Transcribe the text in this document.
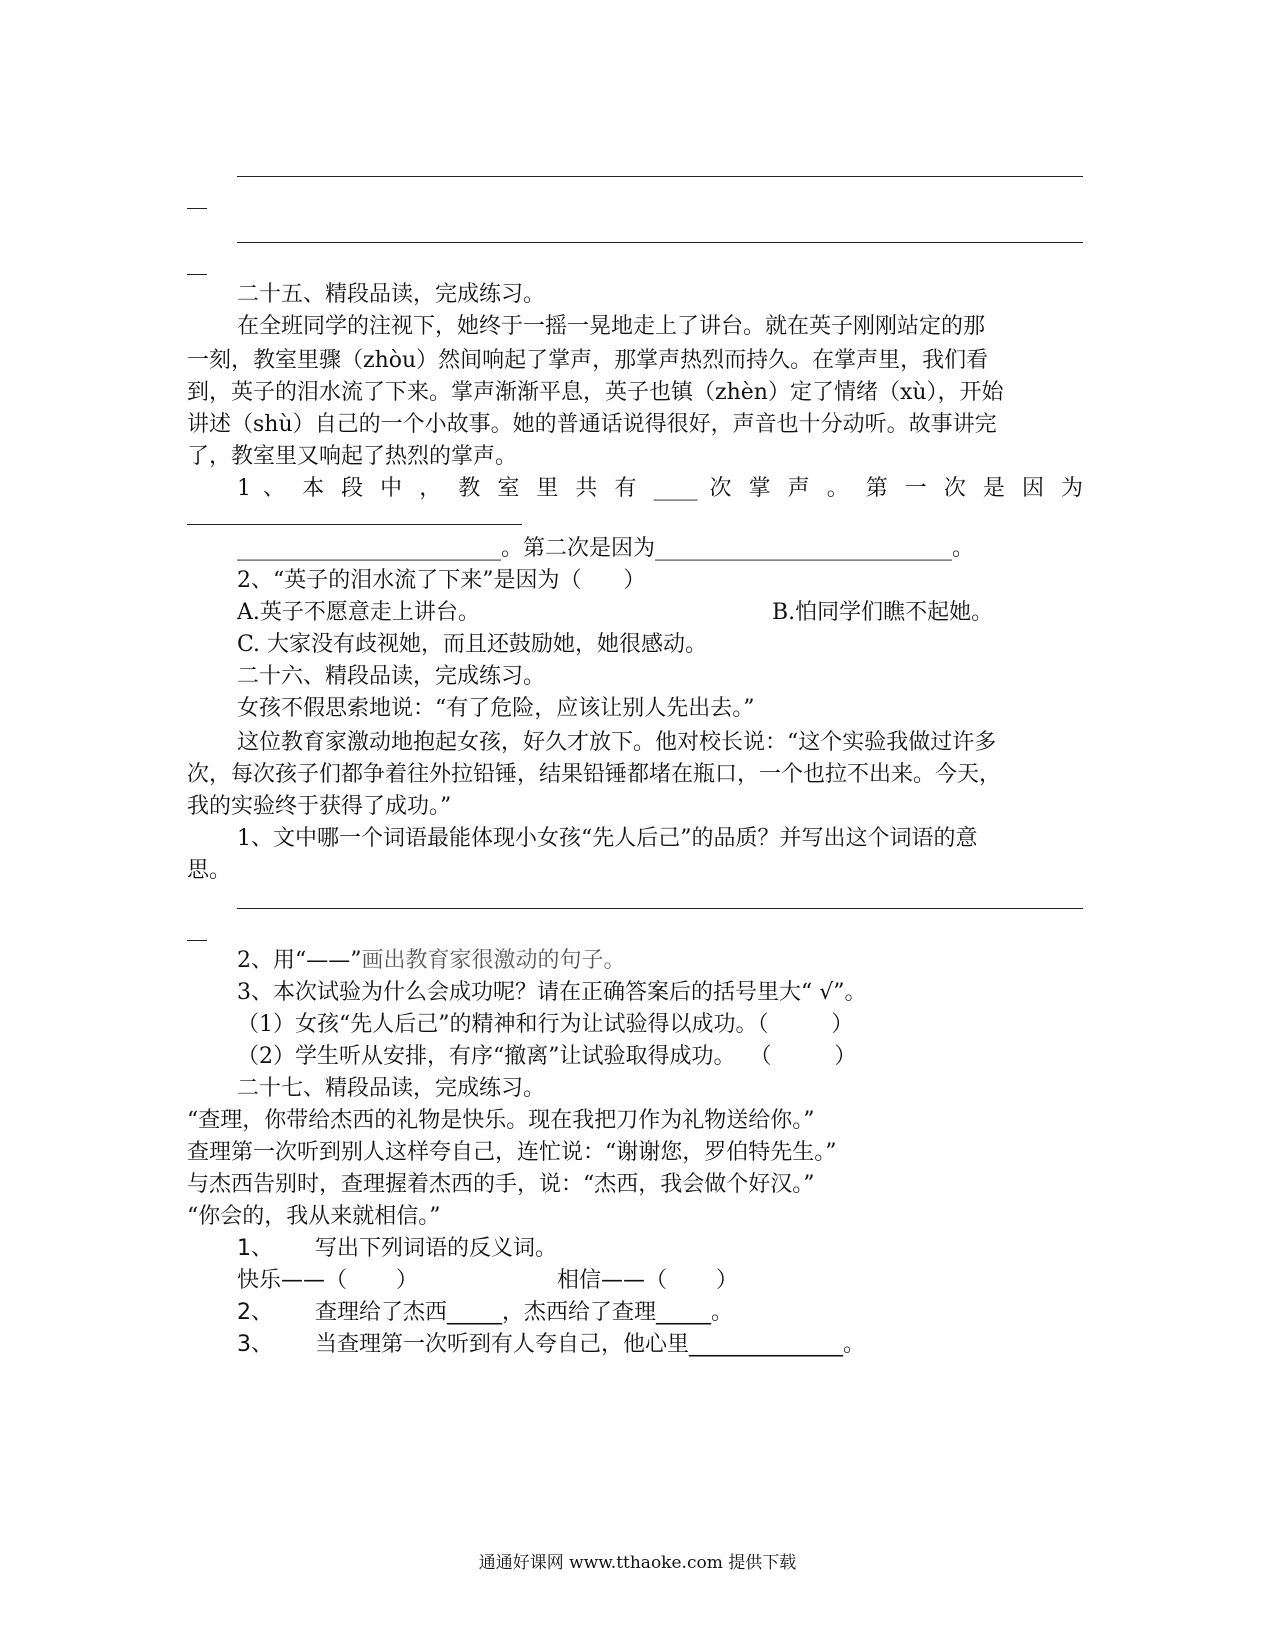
二十五、精段品读，完成练习。
在全班同学的注视下，她终于一摇一晃地走上了讲台。就在英子刚刚站定的那
一刻，教室里骤（zhòu）然间响起了掌声，那掌声热烈而持久。在掌声里，我们看
到，英子的泪水流了下来。掌声渐渐平息，英子也镇（zhèn）定了情绪（xù），开始
讲述（shù）自己的一个小故事。她的普通话说得很好，声音也十分动听。故事讲完
了，教室里又响起了热烈的掌声。
1 、 本 段 中 ， 教 室 里 共 有 ____ 次 掌 声 。 第 一 次 是 因 为
________________________。第二次是因为___________________________。
2、“英子的泪水流了下来”是因为（      ）
A.英子不愿意走上讲台。	B.怕同学们瞧不起她。
C. 大家没有歧视她，而且还鼓励她，她很感动。
二十六、精段品读，完成练习。
女孩不假思索地说：“有了危险，应该让别人先出去。”
这位教育家激动地抱起女孩，好久才放下。他对校长说：“这个实验我做过许多
次，每次孩子们都争着往外拉铅锤，结果铅锤都堵在瓶口，一个也拉不出来。今天，
我的实验终于获得了成功。”
1、文中哪一个词语最能体现小女孩“先人后己”的品质？并写出这个词语的意
思。
2、用“——”画出教育家很激动的句子。
3、本次试验为什么会成功呢？请在正确答案后的括号里大“ √”。
（1）女孩“先人后己”的精神和行为让试验得以成功。（         ）
（2）学生听从安排，有序“撤离”让试验取得成功。  （         ）
二十七、精段品读，完成练习。
“查理，你带给杰西的礼物是快乐。现在我把刀作为礼物送给你。”
查理第一次听到别人这样夸自己，连忙说：“谢谢您，罗伯特先生。”
与杰西告别时，查理握着杰西的手，说：“杰西，我会做个好汉。”
“你会的，我从来就相信。”
1、 写出下列词语的反义词。
快乐——（       ）	相信——（       ）
2、 查理给了杰西_____，杰西给了查理_____。
3、 当查理第一次听到有人夸自己，他心里______________。
通通好课网 www.tthaoke.com 提供下载
